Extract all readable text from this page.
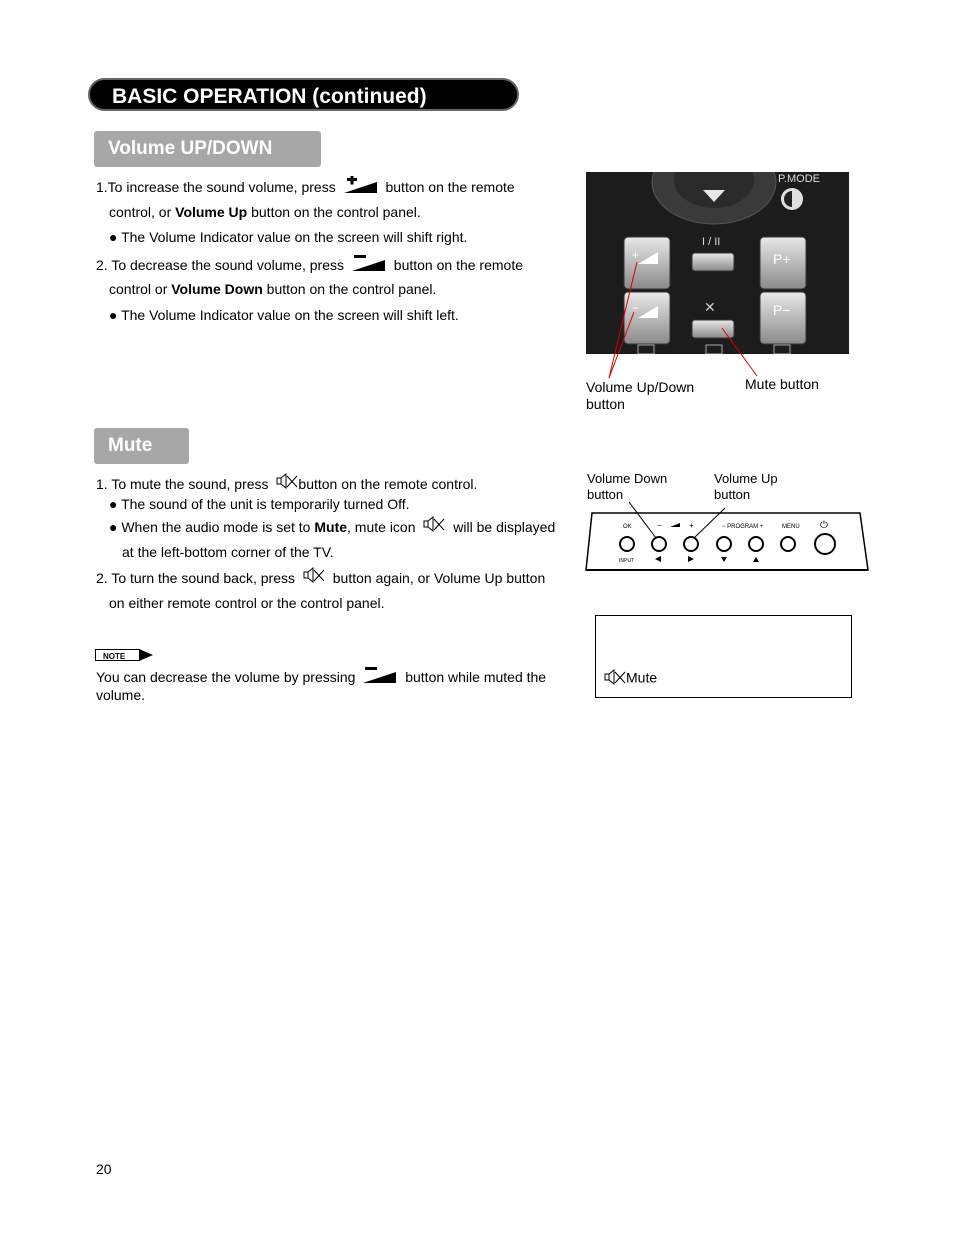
BASIC OPERATION (continued)
Volume UP/DOWN
1.To increase the sound volume, press	button on the remote
control, or Volume Up button on the control panel.
● The Volume Indicator value on the screen will shift right.
2. To decrease the sound volume, press	button on the remote
control or Volume Down button on the control panel.
● The Volume Indicator value on the screen will shift left.
P.MODE
+
−
I / II
✕
P+
P−
Volume Up/Down
button
Mute button
Mute
1. To mute the sound, press button on the remote control.
● The sound of the unit is temporarily turned Off.
● When the audio mode is set to Mute, mute icon	will be displayed
at the left-bottom corner of the TV.
2. To turn the sound back, press	button again, or Volume Up button
on either remote control or the control panel.
Volume Down
button
Volume Up
button
OK	−	+	− PROGRAM +	MENU ⏻
INPUT
NOTE
You can decrease the volume by pressing	button while muted the
volume.
Mute
20
